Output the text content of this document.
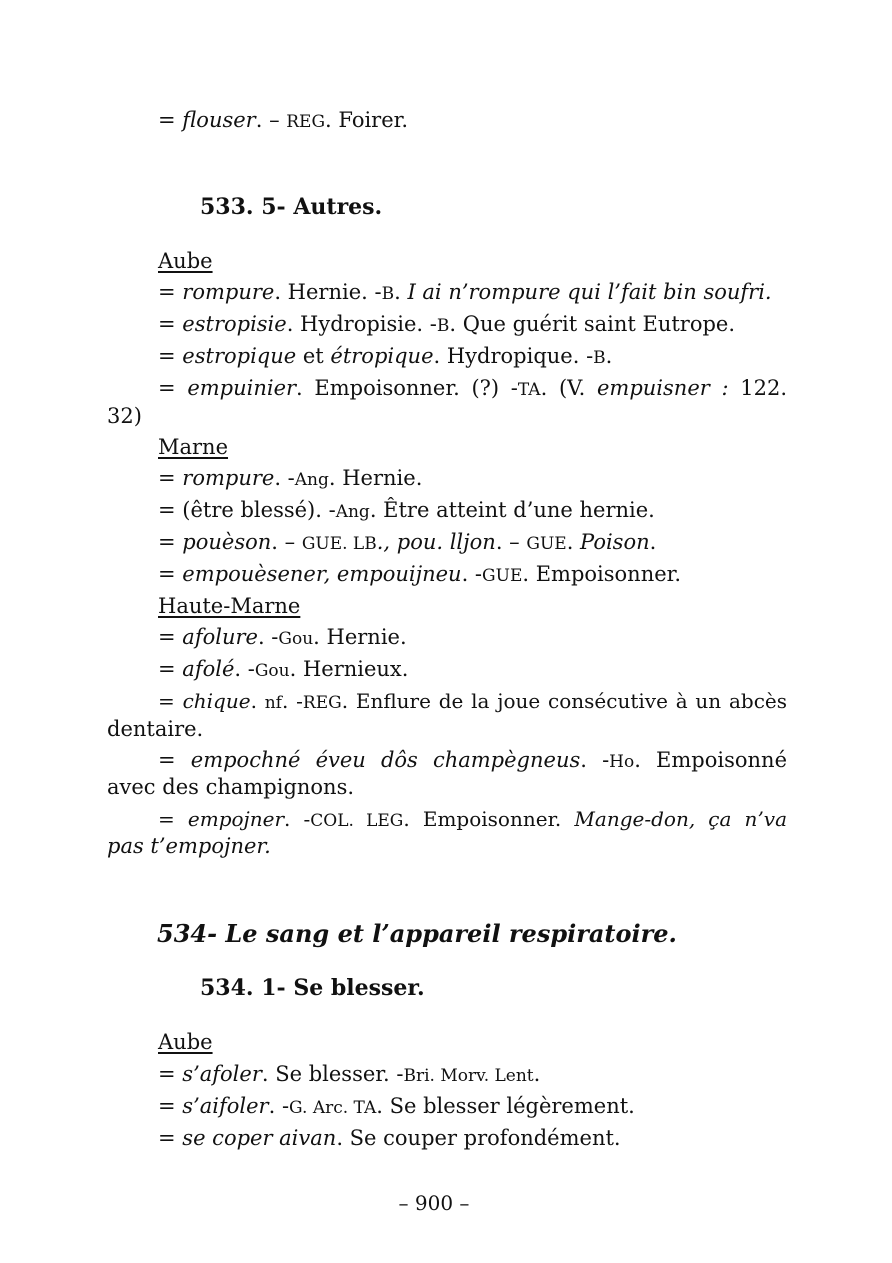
= flouser. – REG. Foirer.
533. 5- Autres.
Aube
= rompure. Hernie. -B. I ai n’rompure qui l’fait bin soufri.
= estropisie. Hydropisie. -B. Que guérit saint Eutrope.
= estropique et étropique. Hydropique. -B.
= empuinier. Empoisonner. (?) -TA. (V. empuisner : 122.
32)
Marne
= rompure. -Ang. Hernie.
= (être blessé). -Ang. Être atteint d’une hernie.
= pouèson. – GUE. LB., pou. lljon. – GUE. Poison.
= empouèsener, empouijneu. -GUE. Empoisonner.
Haute-Marne
= afolure. -Gou. Hernie.
= afolé. -Gou. Hernieux.
= chique. nf. -REG. Enflure de la joue consécutive à un abcès
dentaire.
= empochné éveu dôs champègneus. -Ho. Empoisonné
avec des champignons.
= empojner. -COL. LEG. Empoisonner. Mange-don, ça n’va
pas t’empojner.
534- Le sang et l’appareil respiratoire.
534. 1- Se blesser.
Aube
= s’afoler. Se blesser. -Bri. Morv. Lent.
= s’aifoler. -G. Arc. TA. Se blesser légèrement.
= se coper aivan. Se couper profondément.
– 900 –
